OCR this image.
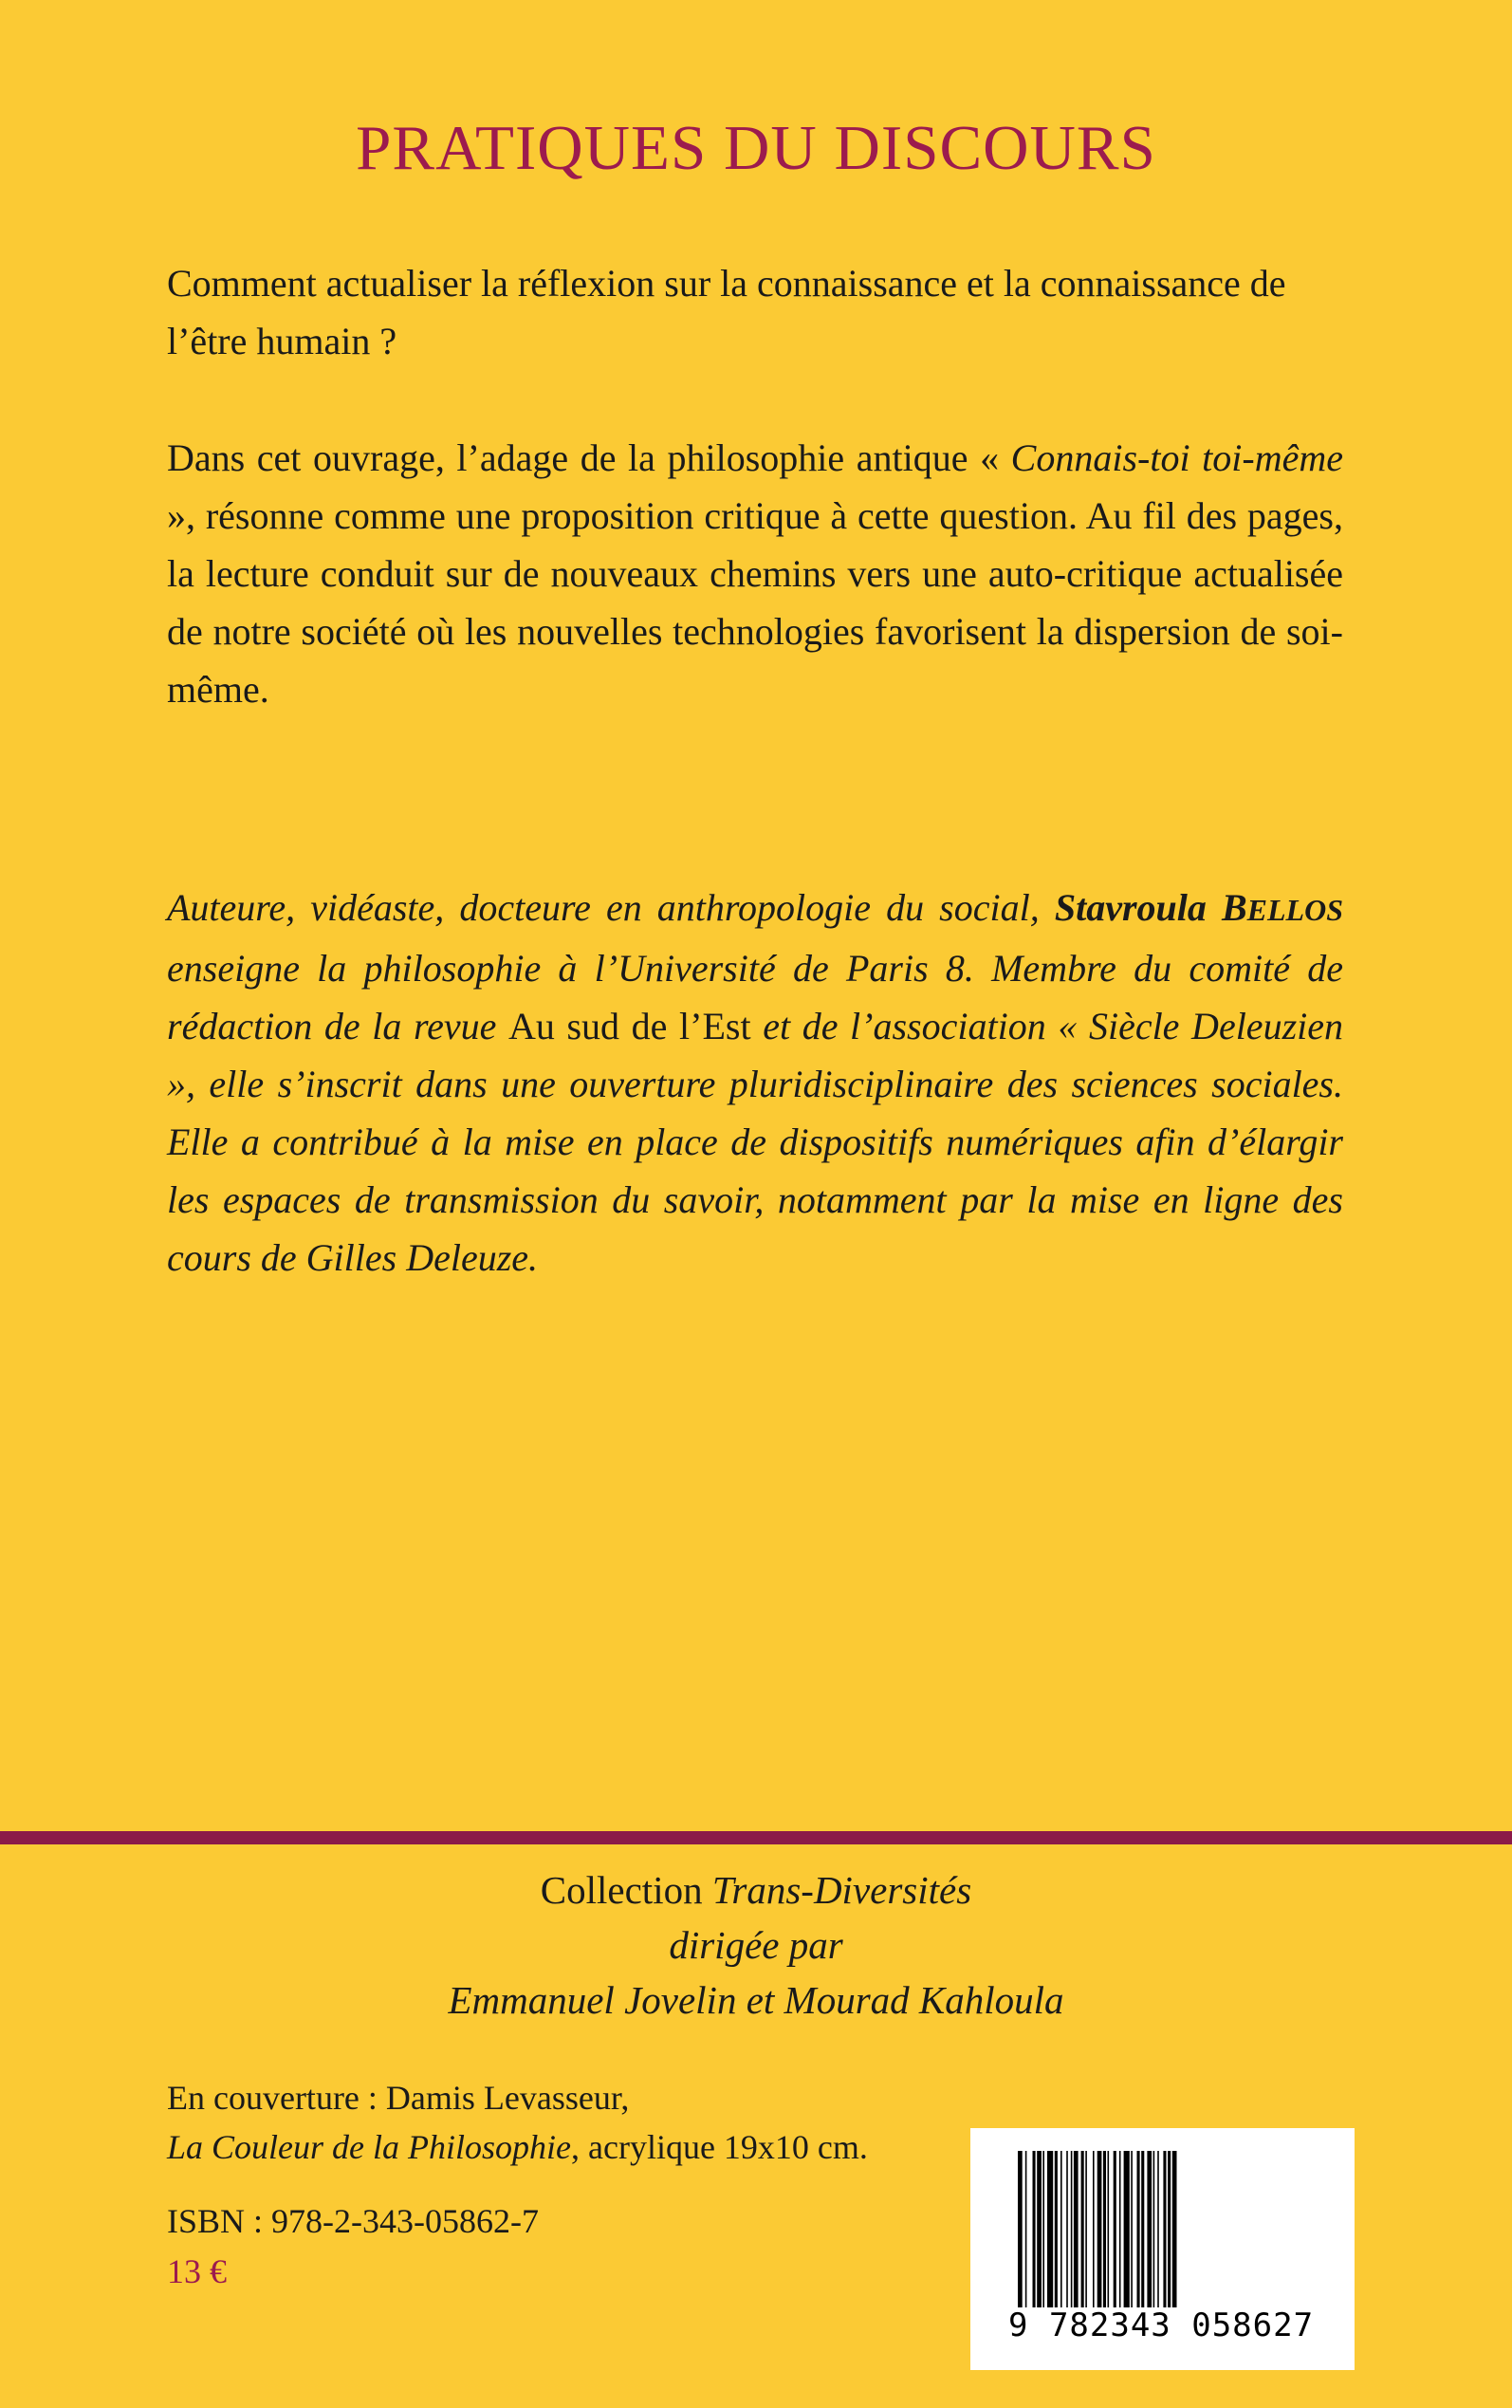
PRATIQUES DU DISCOURS

Comment actualiser la réflexion sur la connaissance et la connaissance de l’être humain ?

Dans cet ouvrage, l’adage de la philosophie antique « Connais-toi toi-même », résonne comme une proposition critique à cette question. Au fil des pages, la lecture conduit sur de nouveaux chemins vers une auto-critique actualisée de notre société où les nouvelles technologies favorisent la dispersion de soi-même.

Auteure, vidéaste, docteure en anthropologie du social, Stavroula BELLOS enseigne la philosophie à l’Université de Paris 8. Membre du comité de rédaction de la revue Au sud de l’Est et de l’association « Siècle Deleuzien », elle s’inscrit dans une ouverture pluridisciplinaire des sciences sociales. Elle a contribué à la mise en place de dispositifs numériques afin d’élargir les espaces de transmission du savoir, notamment par la mise en ligne des cours de Gilles Deleuze.

Collection Trans-Diversités
dirigée par
Emmanuel Jovelin et Mourad Kahloula
En couverture : Damis Levasseur,
La Couleur de la Philosophie, acrylique 19x10 cm.

ISBN : 978-2-343-05862-7

13 €

9 782343 058627
